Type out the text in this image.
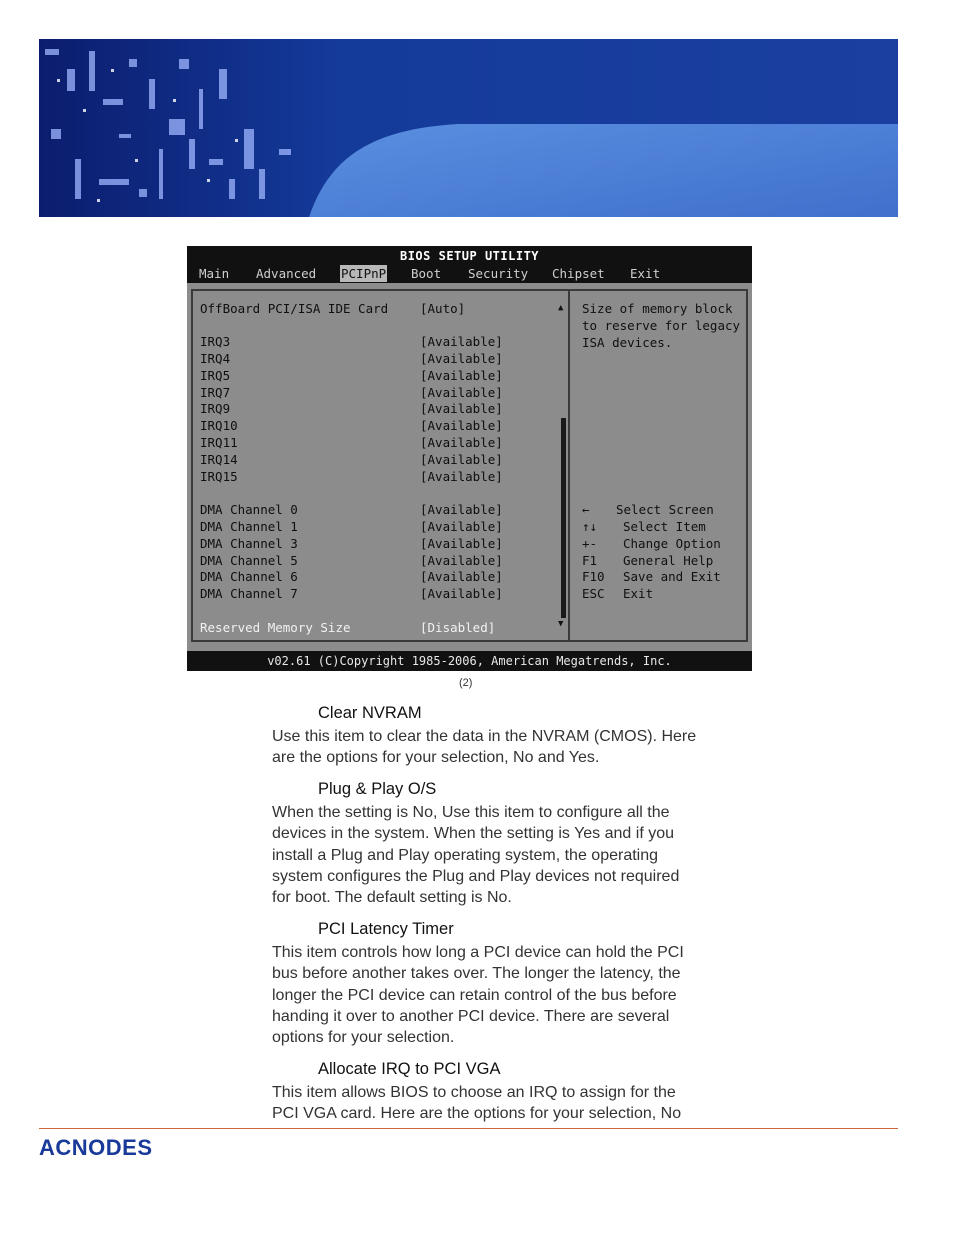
BIOS SETUP UTILITY
Main Advanced PCIPnP Boot Security Chipset Exit
▲
▼
OffBoard PCI/ISA IDE Card	[Auto]
IRQ3	[Available]
IRQ4	[Available]
IRQ5	[Available]
IRQ7	[Available]
IRQ9	[Available]
IRQ10	[Available]
IRQ11	[Available]
IRQ14	[Available]
IRQ15	[Available]
DMA Channel 0	[Available]
DMA Channel 1	[Available]
DMA Channel 3	[Available]
DMA Channel 5	[Available]
DMA Channel 6	[Available]
DMA Channel 7	[Available]
Reserved Memory Size	[Disabled]
Size of memory block
to reserve for legacy
ISA devices.
← Select Screen
↑↓ Select Item
+- Change Option
F1 General Help
F10 Save and Exit
ESC Exit
v02.61 (C)Copyright 1985-2006, American Megatrends, Inc.
(2)
Clear NVRAM
Use this item to clear the data in the NVRAM (CMOS). Here
are the options for your selection, No and Yes.
Plug & Play O/S
When the setting is No, Use this item to configure all the
devices in the system. When the setting is Yes and if you
install a Plug and Play operating system, the operating
system configures the Plug and Play devices not required
for boot. The default setting is No.
PCI Latency Timer
This item controls how long a PCI device can hold the PCI
bus before another takes over. The longer the latency, the
longer the PCI device can retain control of the bus before
handing it over to another PCI device. There are several
options for your selection.
Allocate IRQ to PCI VGA
This item allows BIOS to choose an IRQ to assign for the
PCI VGA card. Here are the options for your selection, No
ACNODES
